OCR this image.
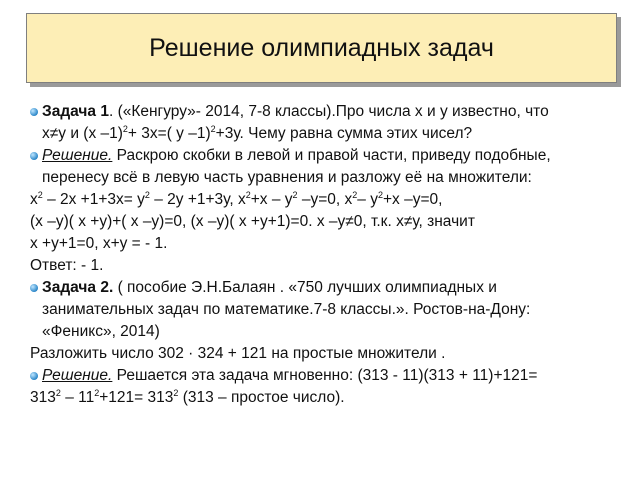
Решение олимпиадных задач
Задача 1. («Кенгуру»- 2014, 7-8 классы).Про числа х и у известно, что
х≠у и (х –1)$^2$+ 3х=( у –1)$^2$+3у. Чему равна сумма этих чисел?
Решение. Раскрою скобки в левой и правой части, приведу подобные,
перенесу всё в левую часть уравнения и разложу её на множители:
$х^2 - 2х +1+3х= у^2 - 2у +1+3у$, $х^2+х - у^2$ –у=0, $х^2-$ $у^2+х$ –у=0,
(х –у)( х +у)+( х –у)=0, (х –у)( х +у+1)=0. х –у≠0, т.к. х≠у, значит
х +у+1=0, х+у = - 1.
Ответ: - 1.
Задача 2. ( пособие Э.Н.Балаян . «750 лучших олимпиадных и
занимательных задач по математике.7-8 классы.». Ростов-на-Дону:
«Феникс», 2014)
Разложить число 302 · 324 + 121 на простые множители .
Решение. Решается эта задача мгновенно: (313 - 11)(313 + 11)+121=
$313^2 - 11^2+121= 313^2$ (313 – простое число).
